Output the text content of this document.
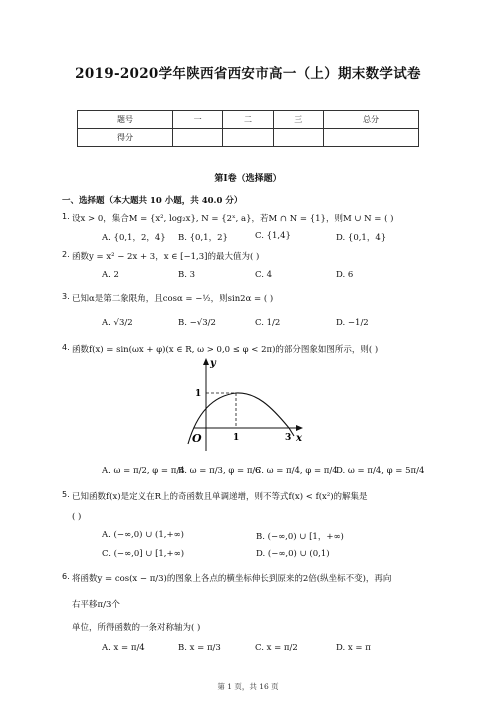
2019-2020学年陕西省西安市高一（上）期末数学试卷
题号	一	二	三	总分
得分				
第I卷（选择题）
一、选择题（本大题共 10 小题，共 40.0 分）
1. 设x > 0，集合M = {x², log₂x}, N = {2ˣ, a}，若M ∩ N = {1}，则M ∪ N = ( )
A. {0,1，2，4} B. {0,1，2}	C. {1,4}	D. {0,1，4}
2. 函数y = x² − 2x + 3，x ∈ [−1,3]的最大值为( )
A. 2	B. 3	C. 4	D. 6
3. 已知α是第二象限角，且cosα = −½，则sin2α = ( )
A. √3/2	B. −√3/2	C. 1/2	D. −1/2
4. 函数f(x) = sin(ωx + φ)(x ∈ R, ω > 0,0 ≤ φ < 2π)的部分图象如图所示，则( )
y
x
O
1
1	3
A. ω = π/2, φ = π/4
B. ω = π/3, φ = π/6
C. ω = π/4, φ = π/4
D. ω = π/4, φ = 5π/4
5. 已知函数f(x)是定义在R上的奇函数且单调递增，则不等式f(x) < f(x²)的解集是
( )
A. (−∞,0) ∪ (1,+∞)	B. (−∞,0) ∪ [1，+∞)
C. (−∞,0] ∪ [1,+∞)	D. (−∞,0) ∪ (0,1)
6. 将函数y = cos(x − π/3)的图象上各点的横坐标伸长到原来的2倍(纵坐标不变)，再向
右平移π/3个
单位，所得函数的一条对称轴为( )
A. x = π/4	B. x = π/3	C. x = π/2	D. x = π
第 1 页，共 16 页
